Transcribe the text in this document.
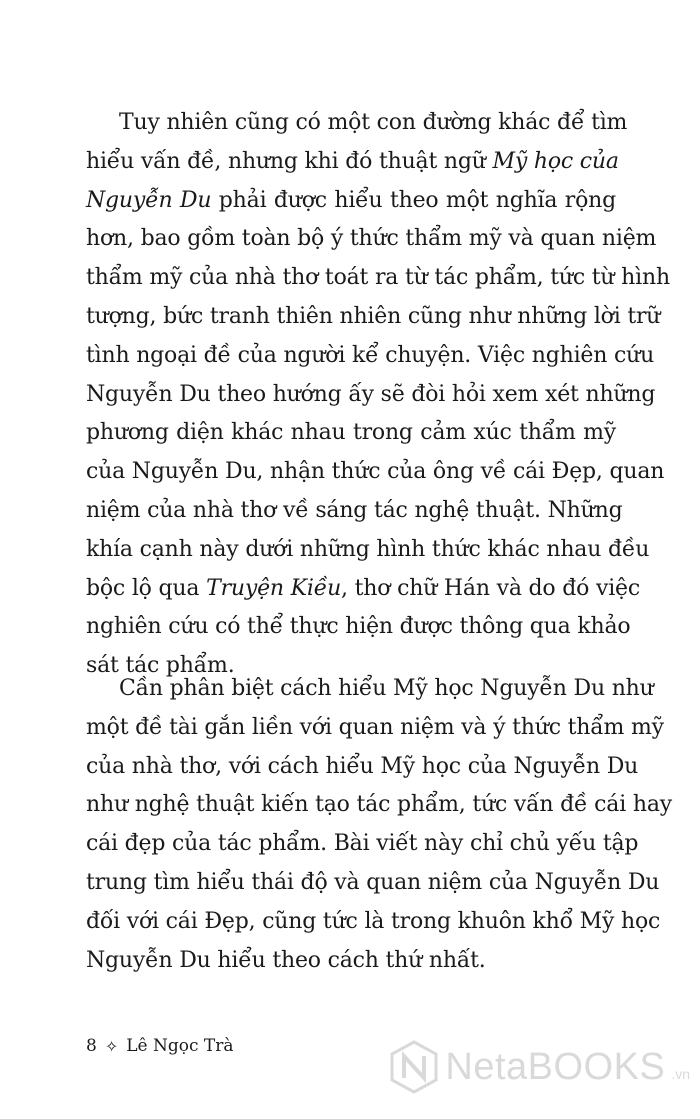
Tuy nhiên cũng có một con đường khác để tìm
hiểu vấn đề, nhưng khi đó thuật ngữ Mỹ học của
Nguyễn Du phải được hiểu theo một nghĩa rộng
hơn, bao gồm toàn bộ ý thức thẩm mỹ và quan niệm
thẩm mỹ của nhà thơ toát ra từ tác phẩm, tức từ hình
tượng, bức tranh thiên nhiên cũng như những lời trữ
tình ngoại đề của người kể chuyện. Việc nghiên cứu
Nguyễn Du theo hướng ấy sẽ đòi hỏi xem xét những
phương diện khác nhau trong cảm xúc thẩm mỹ
của Nguyễn Du, nhận thức của ông về cái Đẹp, quan
niệm của nhà thơ về sáng tác nghệ thuật. Những
khía cạnh này dưới những hình thức khác nhau đều
bộc lộ qua Truyện Kiều, thơ chữ Hán và do đó việc
nghiên cứu có thể thực hiện được thông qua khảo
sát tác phẩm.
Cần phân biệt cách hiểu Mỹ học Nguyễn Du như
một đề tài gắn liền với quan niệm và ý thức thẩm mỹ
của nhà thơ, với cách hiểu Mỹ học của Nguyễn Du
như nghệ thuật kiến tạo tác phẩm, tức vấn đề cái hay
cái đẹp của tác phẩm. Bài viết này chỉ chủ yếu tập
trung tìm hiểu thái độ và quan niệm của Nguyễn Du
đối với cái Đẹp, cũng tức là trong khuôn khổ Mỹ học
Nguyễn Du hiểu theo cách thứ nhất.
8 ✧ Lê Ngọc Trà	NetaBOOKS .vn
